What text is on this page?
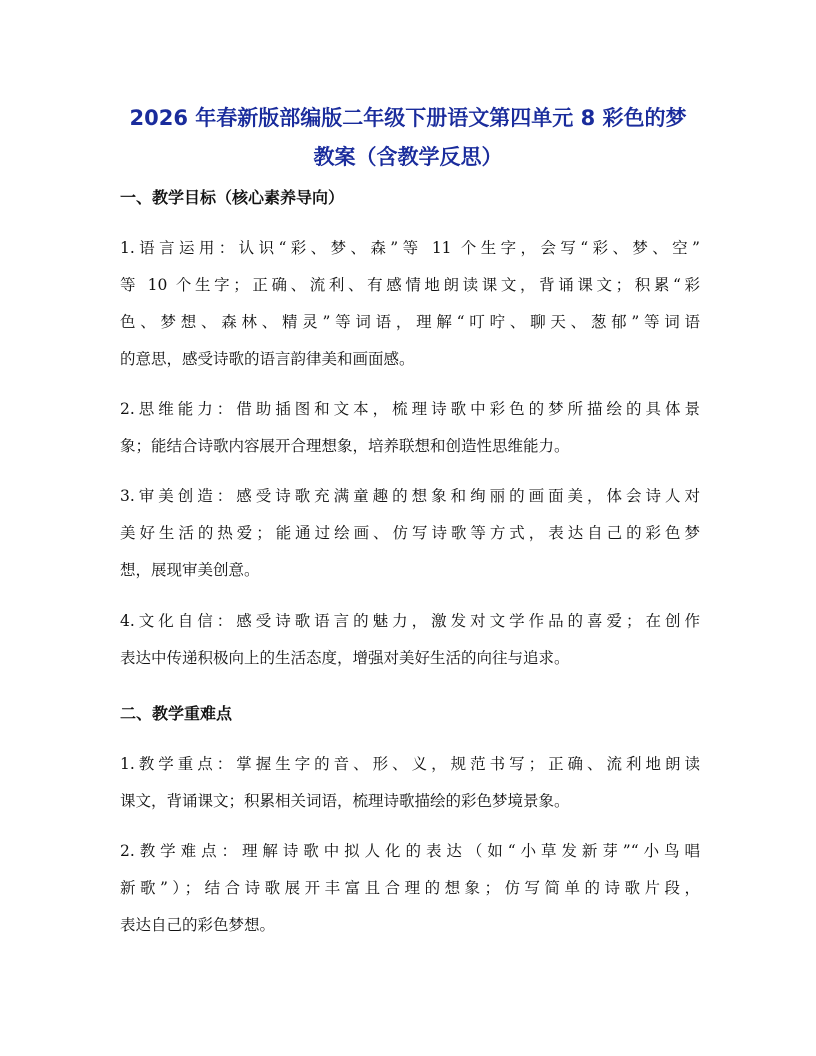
2026 年春新版部编版二年级下册语文第四单元 8 彩色的梦
教案（含教学反思）
一、教学目标（核心素养导向）
1.语言运用：认识“彩、梦、森”等 11 个生字，会写“彩、梦、空”
等 10 个生字；正确、流利、有感情地朗读课文，背诵课文；积累“彩
色、梦想、森林、精灵”等词语，理解“叮咛、聊天、葱郁”等词语
的意思，感受诗歌的语言韵律美和画面感。
2.思维能力：借助插图和文本，梳理诗歌中彩色的梦所描绘的具体景
象；能结合诗歌内容展开合理想象，培养联想和创造性思维能力。
3.审美创造：感受诗歌充满童趣的想象和绚丽的画面美，体会诗人对
美好生活的热爱；能通过绘画、仿写诗歌等方式，表达自己的彩色梦
想，展现审美创意。
4.文化自信：感受诗歌语言的魅力，激发对文学作品的喜爱；在创作
表达中传递积极向上的生活态度，增强对美好生活的向往与追求。
二、教学重难点
1.教学重点：掌握生字的音、形、义，规范书写；正确、流利地朗读
课文，背诵课文；积累相关词语，梳理诗歌描绘的彩色梦境景象。
2.教学难点：理解诗歌中拟人化的表达（如“小草发新芽”“小鸟唱
新歌”）；结合诗歌展开丰富且合理的想象；仿写简单的诗歌片段，
表达自己的彩色梦想。
